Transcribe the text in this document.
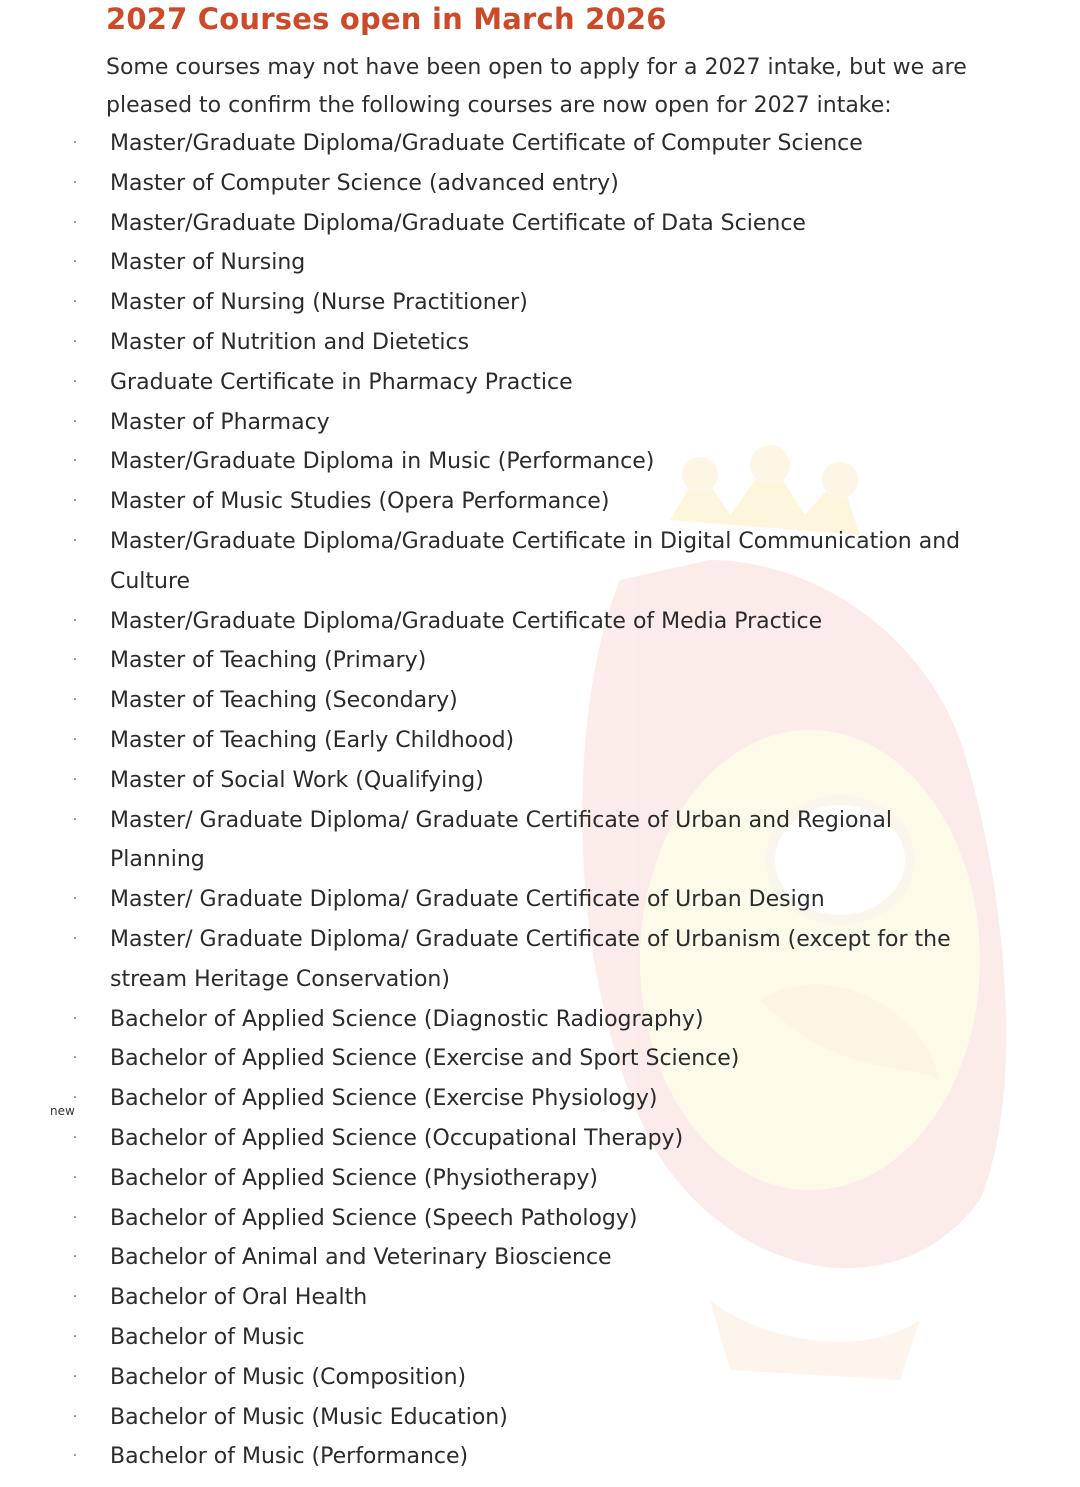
2027 Courses open in March 2026

Some courses may not have been open to apply for a 2027 intake, but we are pleased to confirm the following courses are now open for 2027 intake:

· Master/Graduate Diploma/Graduate Certificate of Computer Science
· Master of Computer Science (advanced entry)
· Master/Graduate Diploma/Graduate Certificate of Data Science
· Master of Nursing
· Master of Nursing (Nurse Practitioner)
· Master of Nutrition and Dietetics
· Graduate Certificate in Pharmacy Practice
· Master of Pharmacy
· Master/Graduate Diploma in Music (Performance)
· Master of Music Studies (Opera Performance)
· Master/Graduate Diploma/Graduate Certificate in Digital Communication and Culture
· Master/Graduate Diploma/Graduate Certificate of Media Practice
· Master of Teaching (Primary)
· Master of Teaching (Secondary)
· Master of Teaching (Early Childhood)
· Master of Social Work (Qualifying)
· Master/ Graduate Diploma/ Graduate Certificate of Urban and Regional Planning
· Master/ Graduate Diploma/ Graduate Certificate of Urban Design
· Master/ Graduate Diploma/ Graduate Certificate of Urbanism (except for the stream Heritage Conservation)
· Bachelor of Applied Science (Diagnostic Radiography)
· Bachelor of Applied Science (Exercise and Sport Science)
· Bachelor of Applied Science (Exercise Physiology)
· Bachelor of Applied Science (Occupational Therapy)
· Bachelor of Applied Science (Physiotherapy)
· Bachelor of Applied Science (Speech Pathology)
· Bachelor of Animal and Veterinary Bioscience
· Bachelor of Oral Health
· Bachelor of Music
· Bachelor of Music (Composition)
· Bachelor of Music (Music Education)
· Bachelor of Music (Performance)
new
